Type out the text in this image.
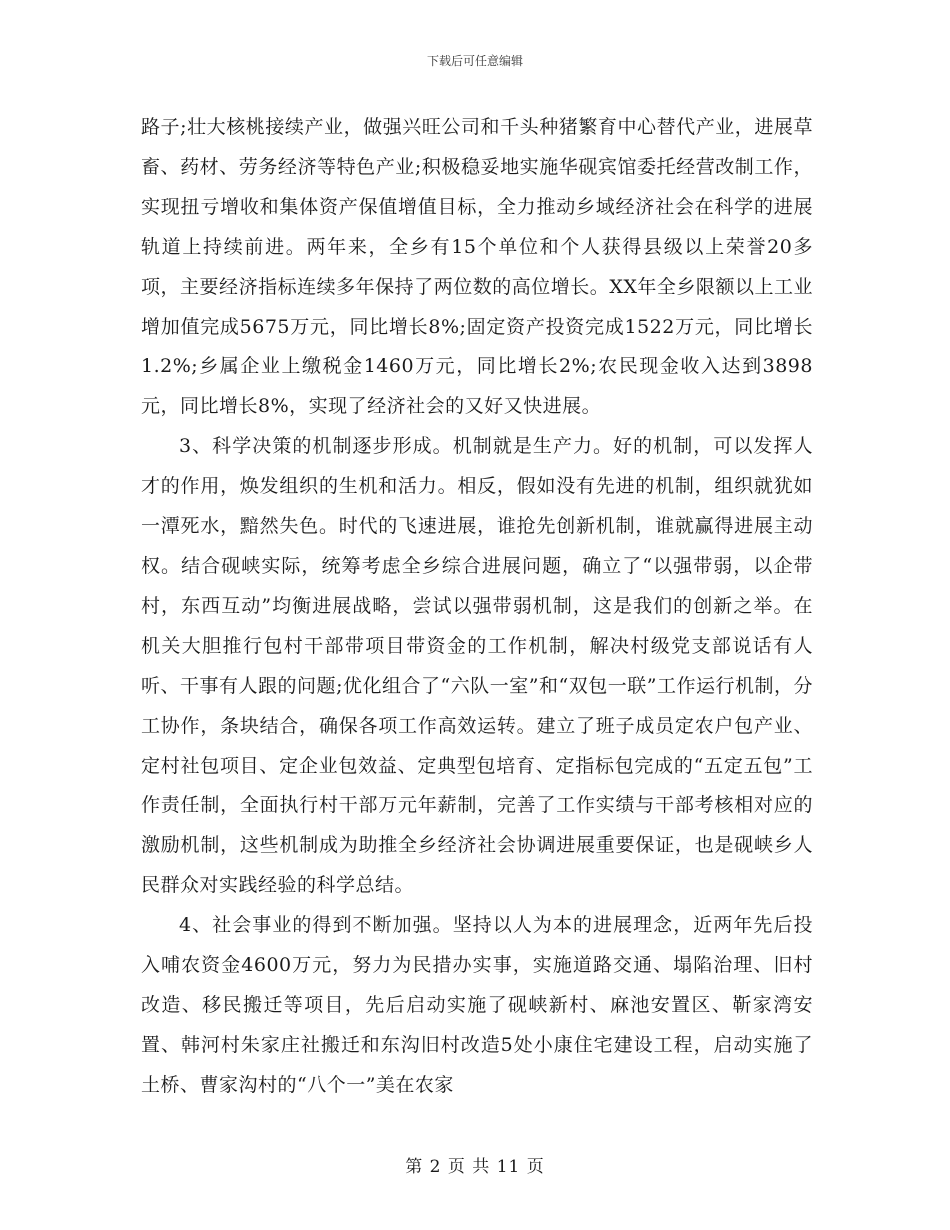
下载后可任意编辑

路子;壮大核桃接续产业，做强兴旺公司和千头种猪繁育中心替代产业，进展草畜、药材、劳务经济等特色产业;积极稳妥地实施华砚宾馆委托经营改制工作，实现扭亏增收和集体资产保值增值目标，全力推动乡域经济社会在科学的进展轨道上持续前进。两年来，全乡有15个单位和个人获得县级以上荣誉20多项，主要经济指标连续多年保持了两位数的高位增长。XX年全乡限额以上工业增加值完成5675万元，同比增长8%;固定资产投资完成1522万元，同比增长1.2%;乡属企业上缴税金1460万元，同比增长2%;农民现金收入达到3898元，同比增长8%，实现了经济社会的又好又快进展。

3、科学决策的机制逐步形成。机制就是生产力。好的机制，可以发挥人才的作用，焕发组织的生机和活力。相反，假如没有先进的机制，组织就犹如一潭死水，黯然失色。时代的飞速进展，谁抢先创新机制，谁就赢得进展主动权。结合砚峡实际，统筹考虑全乡综合进展问题，确立了“以强带弱，以企带村，东西互动”均衡进展战略，尝试以强带弱机制，这是我们的创新之举。在机关大胆推行包村干部带项目带资金的工作机制，解决村级党支部说话有人听、干事有人跟的问题;优化组合了“六队一室”和“双包一联”工作运行机制，分工协作，条块结合，确保各项工作高效运转。建立了班子成员定农户包产业、定村社包项目、定企业包效益、定典型包培育、定指标包完成的“五定五包”工作责任制，全面执行村干部万元年薪制，完善了工作实绩与干部考核相对应的激励机制，这些机制成为助推全乡经济社会协调进展重要保证，也是砚峡乡人民群众对实践经验的科学总结。

4、社会事业的得到不断加强。坚持以人为本的进展理念，近两年先后投入哺农资金4600万元，努力为民措办实事，实施道路交通、塌陷治理、旧村改造、移民搬迁等项目，先后启动实施了砚峡新村、麻池安置区、靳家湾安置、韩河村朱家庄社搬迁和东沟旧村改造5处小康住宅建设工程，启动实施了土桥、曹家沟村的“八个一”美在农家

第 2 页 共 11 页
